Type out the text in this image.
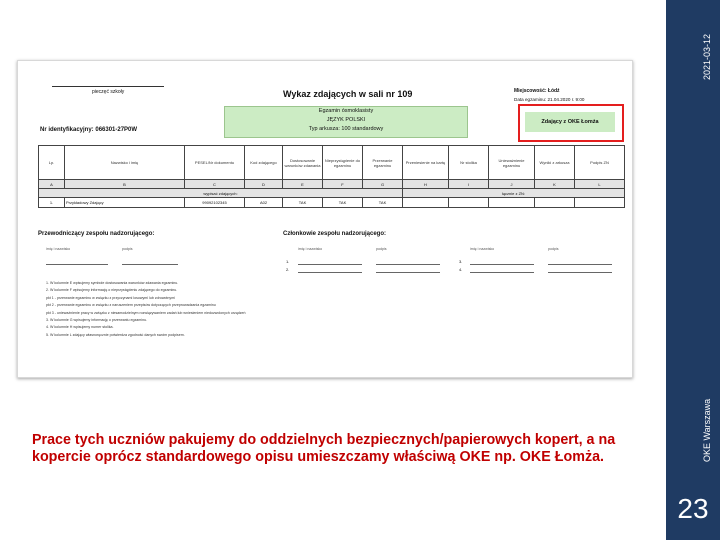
2021-03-12
OKE Warszawa
23
pieczęć szkoły	Wykaz zdających w sali nr 109
Egzamin ósmoklasisty
JĘZYK POLSKI
Typ arkusza: 100 standardowy
Miejscowość: Łódź
Data egzaminu: 21.04.2020 r. 9:00
Zdający z OKE Łomża
Nr identyfikacyjny: 066301-27P0W
Lp.	Nazwisko i imię	PESEL/Nr dokumentu	Kod zdającego	Dostosowanie warunków zdawania	Nieprzystąpienie do egzaminu	Przerwanie egzaminu	Przeniesienie na kartę	Nr stolika	Unieważnienie egzaminu	Wyniki z arkusza	Podpis ZN
A	B	C	D	E	F	G	H	I	J	K	L
wypisać zdających:							łącznie z ZN:				
1.	Przykładowy Zdający	99092102345	A02	TAK	TAK	TAK					
Przewodniczący zespołu nadzorującego:	Członkowie zespołu nadzorującego:
imię i nazwisko	podpis	imię i nazwisko	podpis
1.
2.
imię i nazwisko	podpis
3.
4.
1. W kolumnie E wpisujemy symbole dostosowania warunków zdawania egzaminu.
2. W kolumnie F wpisujemy informację o nieprzystąpieniu zdającego do egzaminu.
pkt 1 - przerwanie egzaminu w związku z przyczynami losowymi lub zdrowotnymi
pkt 2 - przerwanie egzaminu w związku z naruszeniem przepisów dotyczących przeprowadzania egzaminu
pkt 3 - unieważnienie pracy w związku z niesamodzielnym rozwiązywaniem zadań lub wniesieniem niedozwolonych urządzeń
3. W kolumnie G wpisujemy informację o przerwaniu egzaminu.
4. W kolumnie H wpisujemy numer stolika.
5. W kolumnie L zdający własnoręcznie potwierdza zgodność danych swoim podpisem.
Prace tych uczniów pakujemy do oddzielnych bezpiecznych/papierowych kopert, a na kopercie oprócz standardowego opisu umieszczamy właściwą OKE np. OKE Łomża.
